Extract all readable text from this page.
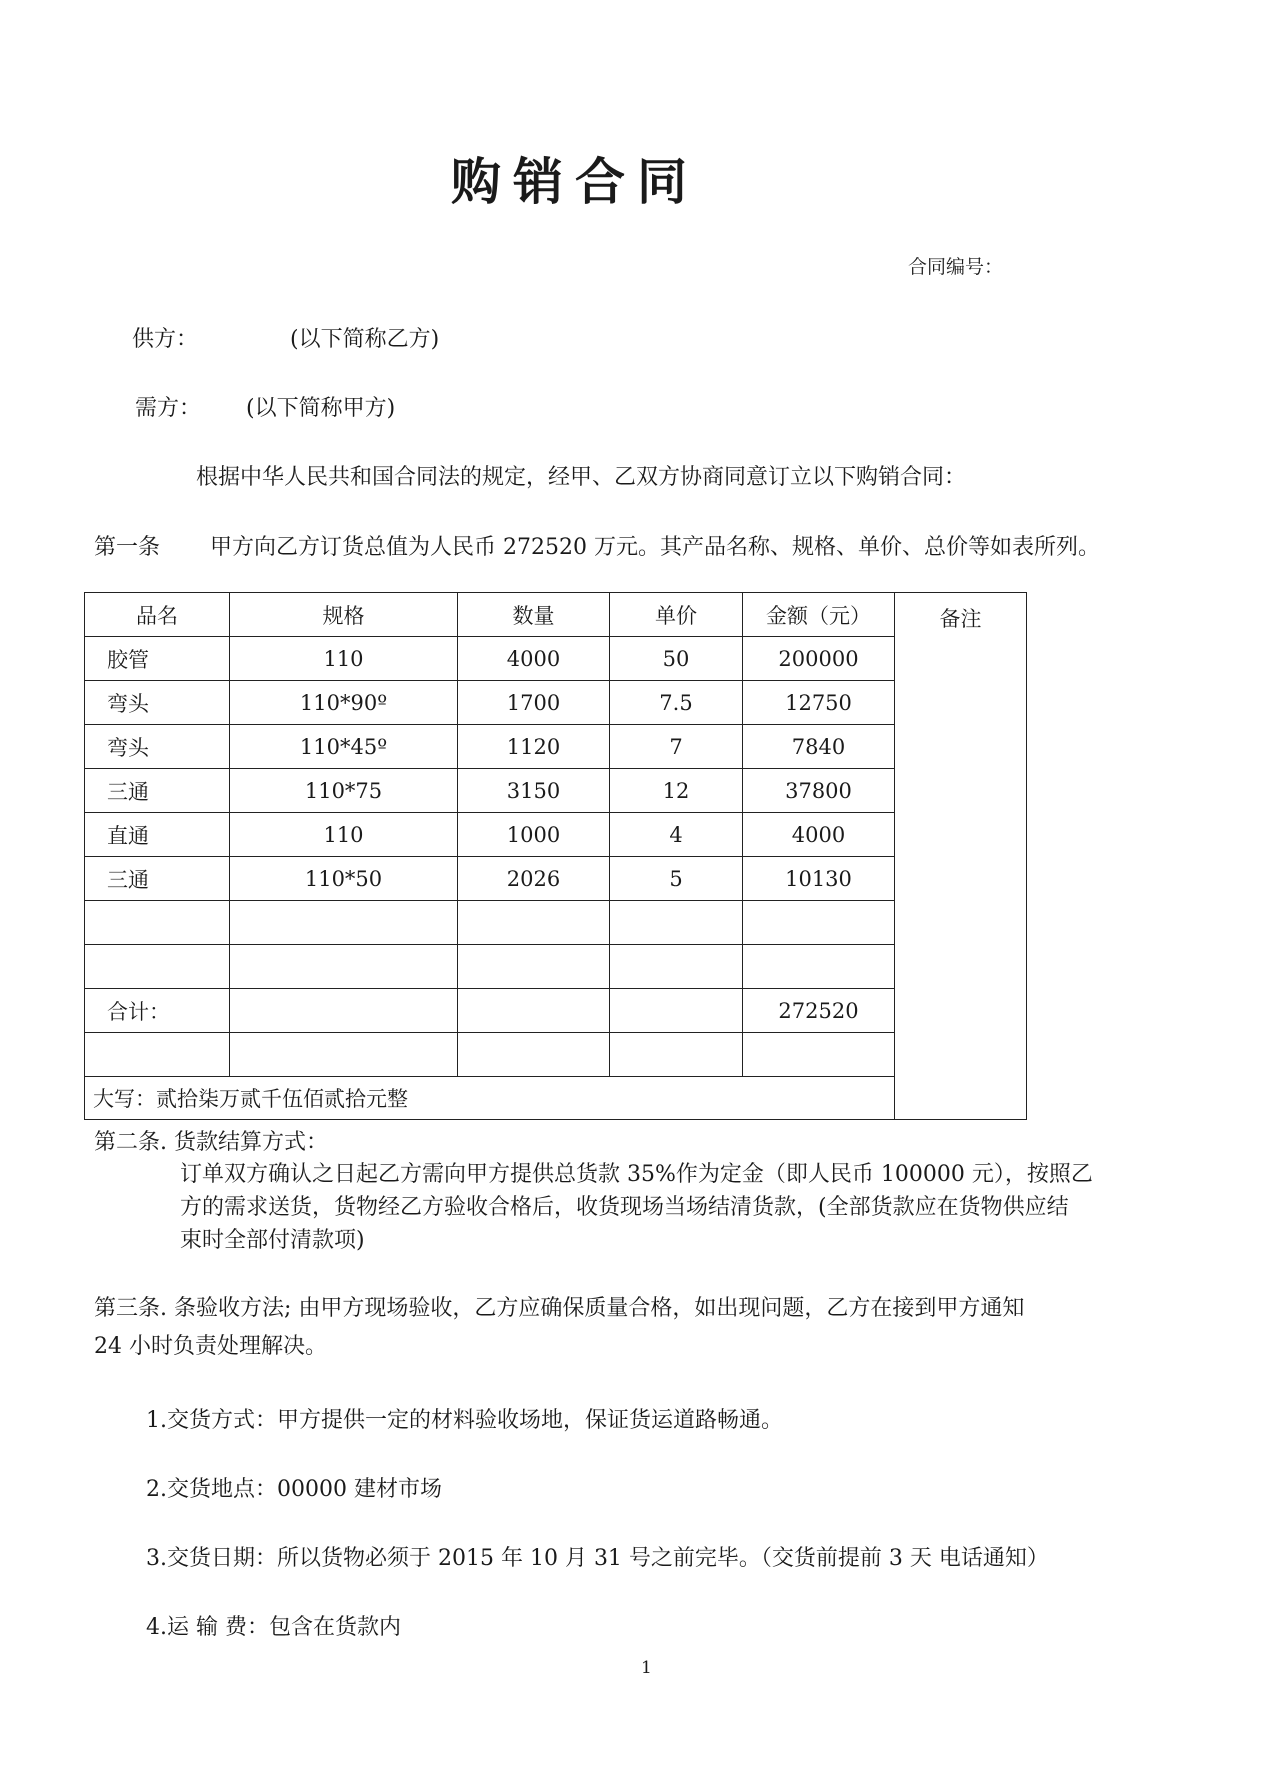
购销合同
合同编号：
供方：	(以下简称乙方)
需方： (以下简称甲方)
根据中华人民共和国合同法的规定，经甲、乙双方协商同意订立以下购销合同：
第一条 甲方向乙方订货总值为人民币 272520 万元。其产品名称、规格、单价、总价等如表所列。
品名	规格	数量	单价	金额（元）	备注
胶管	110	4000	50	200000	
弯头	110*90º	1700	7.5	12750	
弯头	110*45º	1120	7	7840	
三通	110*75	3150	12	37800	
直通	110	1000	4	4000	
三通	110*50	2026	5	10130	

合计：				272520	

大写：贰拾柒万贰千伍佰贰拾元整					
第二条. 货款结算方式：
订单双方确认之日起乙方需向甲方提供总货款 35%作为定金（即人民币 100000 元），按照乙
方的需求送货，货物经乙方验收合格后，收货现场当场结清货款，(全部货款应在货物供应结
束时全部付清款项)
第三条. 条验收方法; 由甲方现场验收，乙方应确保质量合格，如出现问题，乙方在接到甲方通知
24 小时负责处理解决。
1.交货方式：甲方提供一定的材料验收场地，保证货运道路畅通。
2.交货地点：00000 建材市场
3.交货日期：所以货物必须于 2015 年 10 月 31 号之前完毕。（交货前提前 3 天 电话通知）
4.运 输 费：包含在货款内
1
